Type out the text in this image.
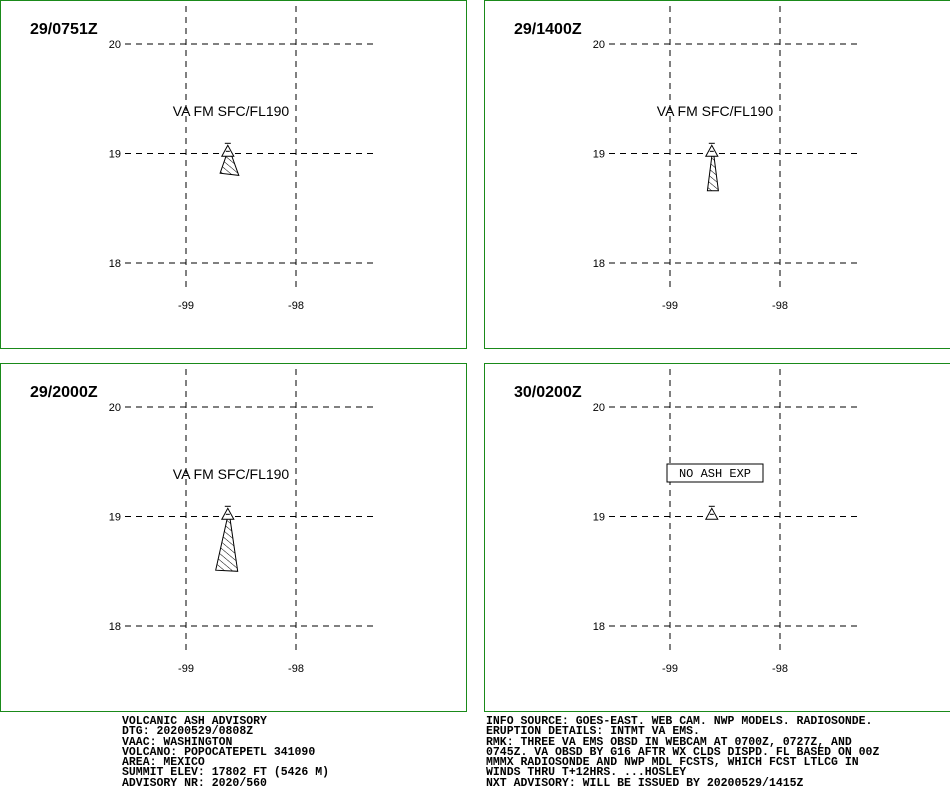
20
19
18
-99	-98
29/0751Z
VA FM SFC/FL190
20
19
18
-99	-98
29/1400Z
VA FM SFC/FL190
20
19
18
-99	-98
29/2000Z
VA FM SFC/FL190
20
19
18
-99	-98
30/0200Z
NO ASH EXP
VOLCANIC ASH ADVISORY
DTG: 20200529/0808Z
VAAC: WASHINGTON
VOLCANO: POPOCATEPETL 341090
AREA: MEXICO
SUMMIT ELEV: 17802 FT (5426 M)
ADVISORY NR: 2020/560
INFO SOURCE: GOES-EAST. WEB CAM. NWP MODELS. RADIOSONDE.
ERUPTION DETAILS: INTMT VA EMS.
RMK: THREE VA EMS OBSD IN WEBCAM AT 0700Z, 0727Z, AND
0745Z. VA OBSD BY G16 AFTR WX CLDS DISPD. FL BASED ON 00Z
MMMX RADIOSONDE AND NWP MDL FCSTS, WHICH FCST LTLCG IN
WINDS THRU T+12HRS. ...HOSLEY
NXT ADVISORY: WILL BE ISSUED BY 20200529/1415Z
